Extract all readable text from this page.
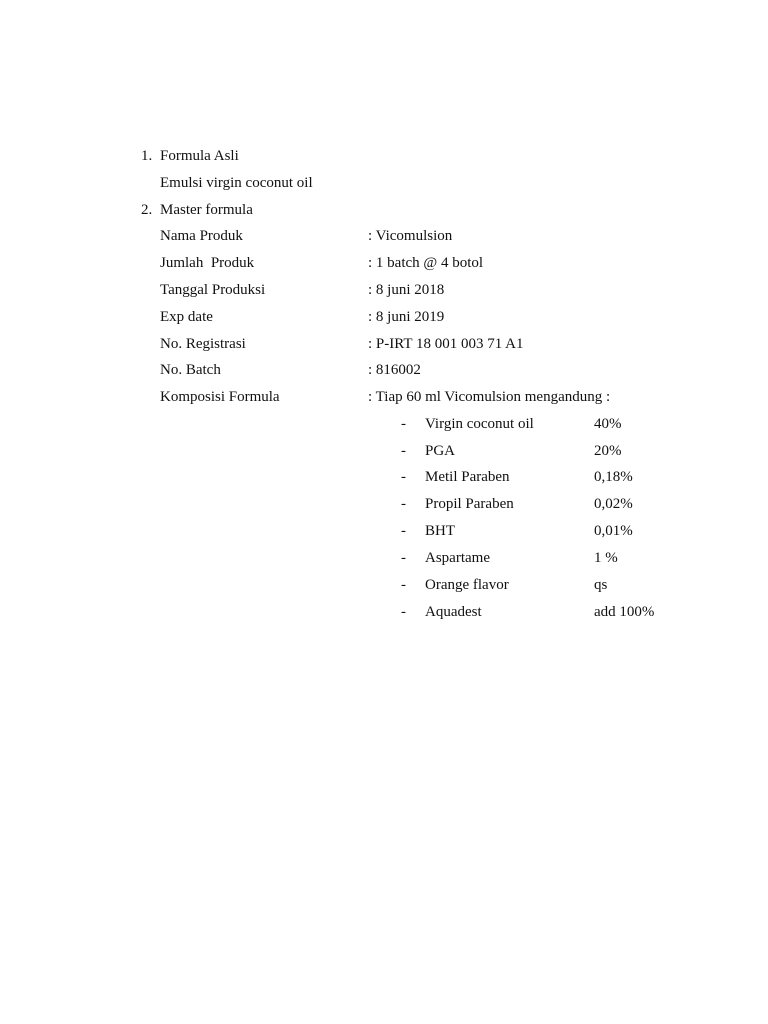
1. Formula Asli
Emulsi virgin coconut oil
2. Master formula
Nama Produk	: Vicomulsion
Jumlah  Produk	: 1 batch @ 4 botol
Tanggal Produksi	: 8 juni 2018
Exp date	: 8 juni 2019
No. Registrasi	: P-IRT 18 001 003 71 A1
No. Batch	: 816002
Komposisi Formula	: Tiap 60 ml Vicomulsion mengandung :
- Virgin coconut oil	40%
- PGA	20%
- Metil Paraben	0,18%
- Propil Paraben	0,02%
- BHT	0,01%
- Aspartame	1 %
- Orange flavor	qs
- Aquadest	add 100%
